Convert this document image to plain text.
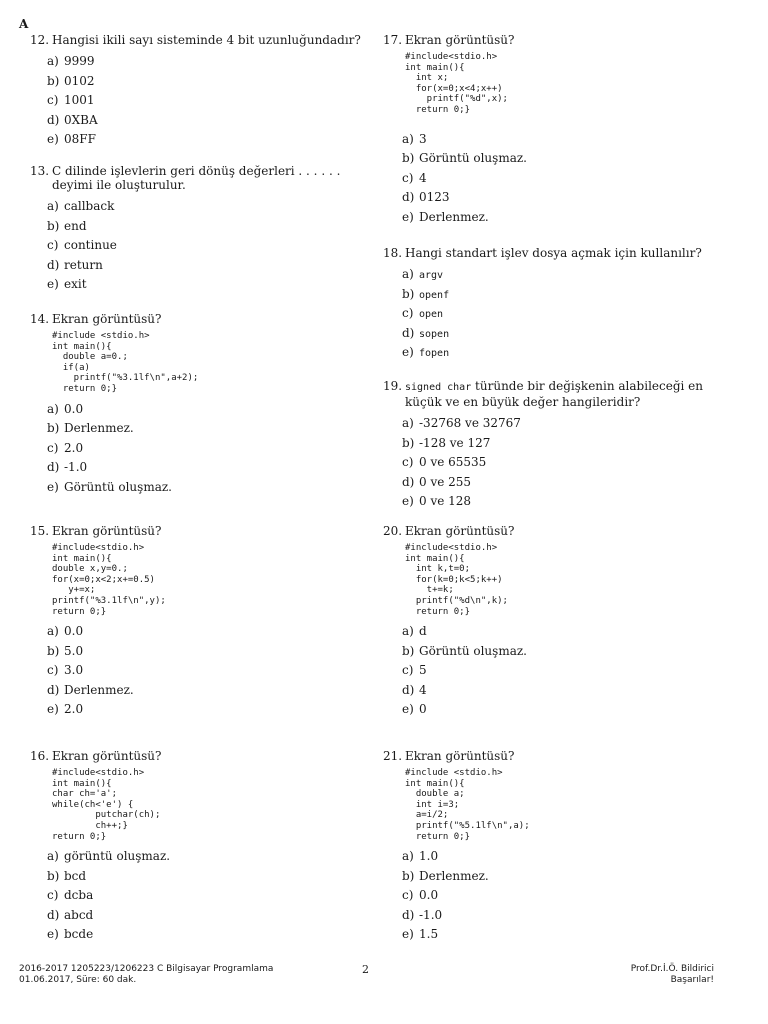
A
12. Hangisi ikili sayı sisteminde 4 bit uzunluğundadır?
a) 9999
b) 0102
c) 1001
d) 0XBA
e) 08FF
13. C dilinde işlevlerin geri dönüş değerleri . . . . . . deyimi ile oluşturulur.
a) callback
b) end
c) continue
d) return
e) exit
14. Ekran görüntüsü?
#include <stdio.h>
int main(){
double a=0.;
if(a)
printf("%3.1lf\n",a+2);
return 0;}
a) 0.0
b) Derlenmez.
c) 2.0
d) -1.0
e) Görüntü oluşmaz.
15. Ekran görüntüsü?
#include<stdio.h>
int main(){
double x,y=0.;
for(x=0;x<2;x+=0.5)
y+=x;
printf("%3.1lf\n",y);
return 0;}
a) 0.0
b) 5.0
c) 3.0
d) Derlenmez.
e) 2.0
16. Ekran görüntüsü?
#include<stdio.h>
int main(){
char ch='a';
while(ch<'e') {
putchar(ch);
ch++;}
return 0;}
a) görüntü oluşmaz.
b) bcd
c) dcba
d) abcd
e) bcde
17. Ekran görüntüsü?
#include<stdio.h>
int main(){
int x;
for(x=0;x<4;x++)
printf("%d",x);
return 0;}
a) 3
b) Görüntü oluşmaz.
c) 4
d) 0123
e) Derlenmez.
18. Hangi standart işlev dosya açmak için kullanılır?
a) argv
b) openf
c) open
d) sopen
e) fopen
19. signed char türünde bir değişkenin alabileceği en küçük ve en büyük değer hangileridir?
a) -32768 ve 32767
b) -128 ve 127
c) 0 ve 65535
d) 0 ve 255
e) 0 ve 128
20. Ekran görüntüsü?
#include<stdio.h>
int main(){
int k,t=0;
for(k=0;k<5;k++)
t+=k;
printf("%d\n",k);
return 0;}
a) d
b) Görüntü oluşmaz.
c) 5
d) 4
e) 0
21. Ekran görüntüsü?
#include <stdio.h>
int main(){
double a;
int i=3;
a=i/2;
printf("%5.1lf\n",a);
return 0;}
a) 1.0
b) Derlenmez.
c) 0.0
d) -1.0
e) 1.5
2016-2017 1205223/1206223 C Bilgisayar Programlama
01.06.2017, Süre: 60 dak.
2	Prof.Dr.İ.Ö. Bildirici
Başarılar!
